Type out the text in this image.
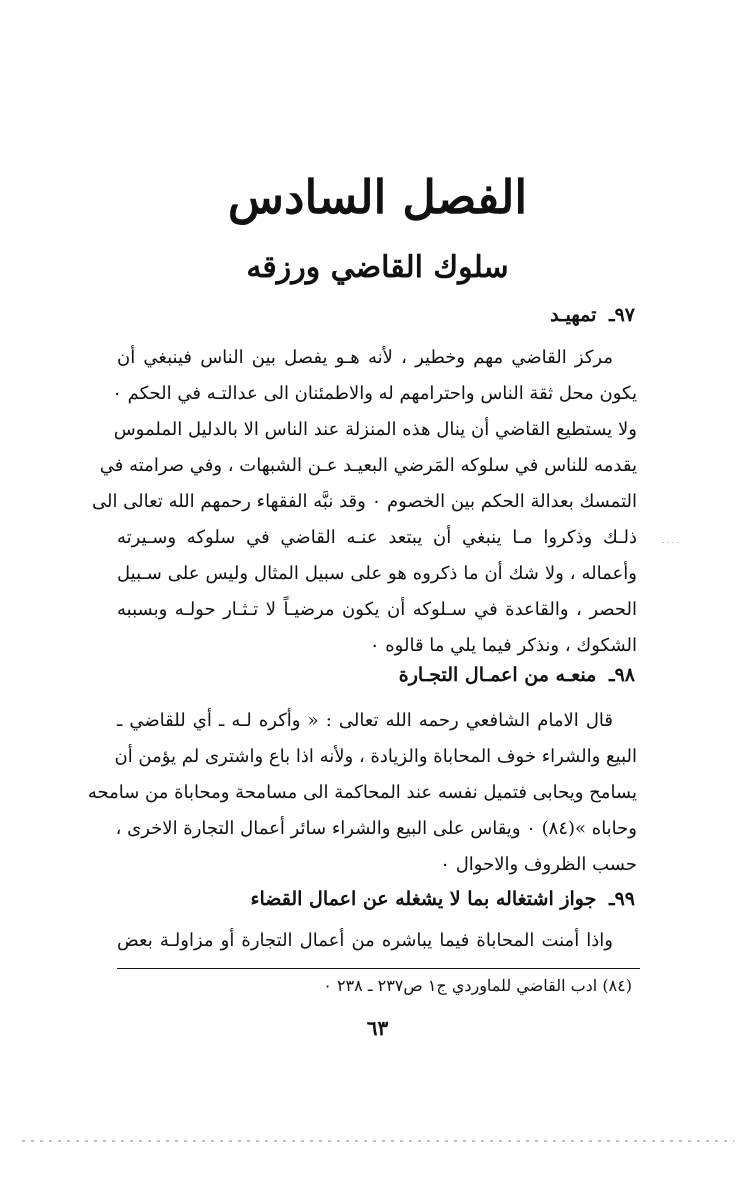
الفصل السادس
سلوك القاضي ورزقه
٩٧ـ تمهيـد
مركز القاضي مهم وخطير ، لأنه هـو يفصل بين الناس فينبغي أن
يكون محل ثقة الناس واحترامهم له والاطمئنان الى عدالتـه في الحكم ٠
ولا يستطيع القاضي أن ينال هذه المنزلة عند الناس الا بالدليل الملموس
يقدمه للناس في سلوكه المَرضي البعيـد عـن الشبهات ، وفي صرامته في
التمسك بعدالة الحكم بين الخصوم ٠ وقد نبَّه الفقهاء رحمهم الله تعالى الى
ذلـك وذكروا مـا ينبغي أن يبتعد عنـه القاضي في سلوكه وسـيرته
وأعماله ، ولا شك أن ما ذكروه هو على سبيل المثال وليس على سـبيل
الحصر ، والقاعدة في سـلوكه أن يكون مرضيـاً لا تـثـار حولـه وبسببه
الشكوك ، ونذكر فيما يلي ما قالوه ٠
٩٨ـ منعـه من اعمـال التجـارة
قال الامام الشافعي رحمه الله تعالى : « وأكره لـه ـ أي للقاضي ـ
البيع والشراء خوف المحاباة والزيادة ، ولأنه اذا باع واشترى لم يؤمن أن
يسامح ويحابى فتميل نفسه عند المحاكمة الى مسامحة ومحاباة من سامحه
وحاباه »(٨٤) ٠ ويقاس على البيع والشراء سائر أعمال التجارة الاخرى ،
حسب الظروف والاحوال ٠
٩٩ـ جواز اشتغاله بما لا يشغله عن اعمال القضاء
واذا أمنت المحاباة فيما يباشره من أعمال التجارة أو مزاولـة بعض
(٨٤) ادب القاضي للماوردي ج١ ص٢٣٧ ـ ٢٣٨ ٠
٦٣
